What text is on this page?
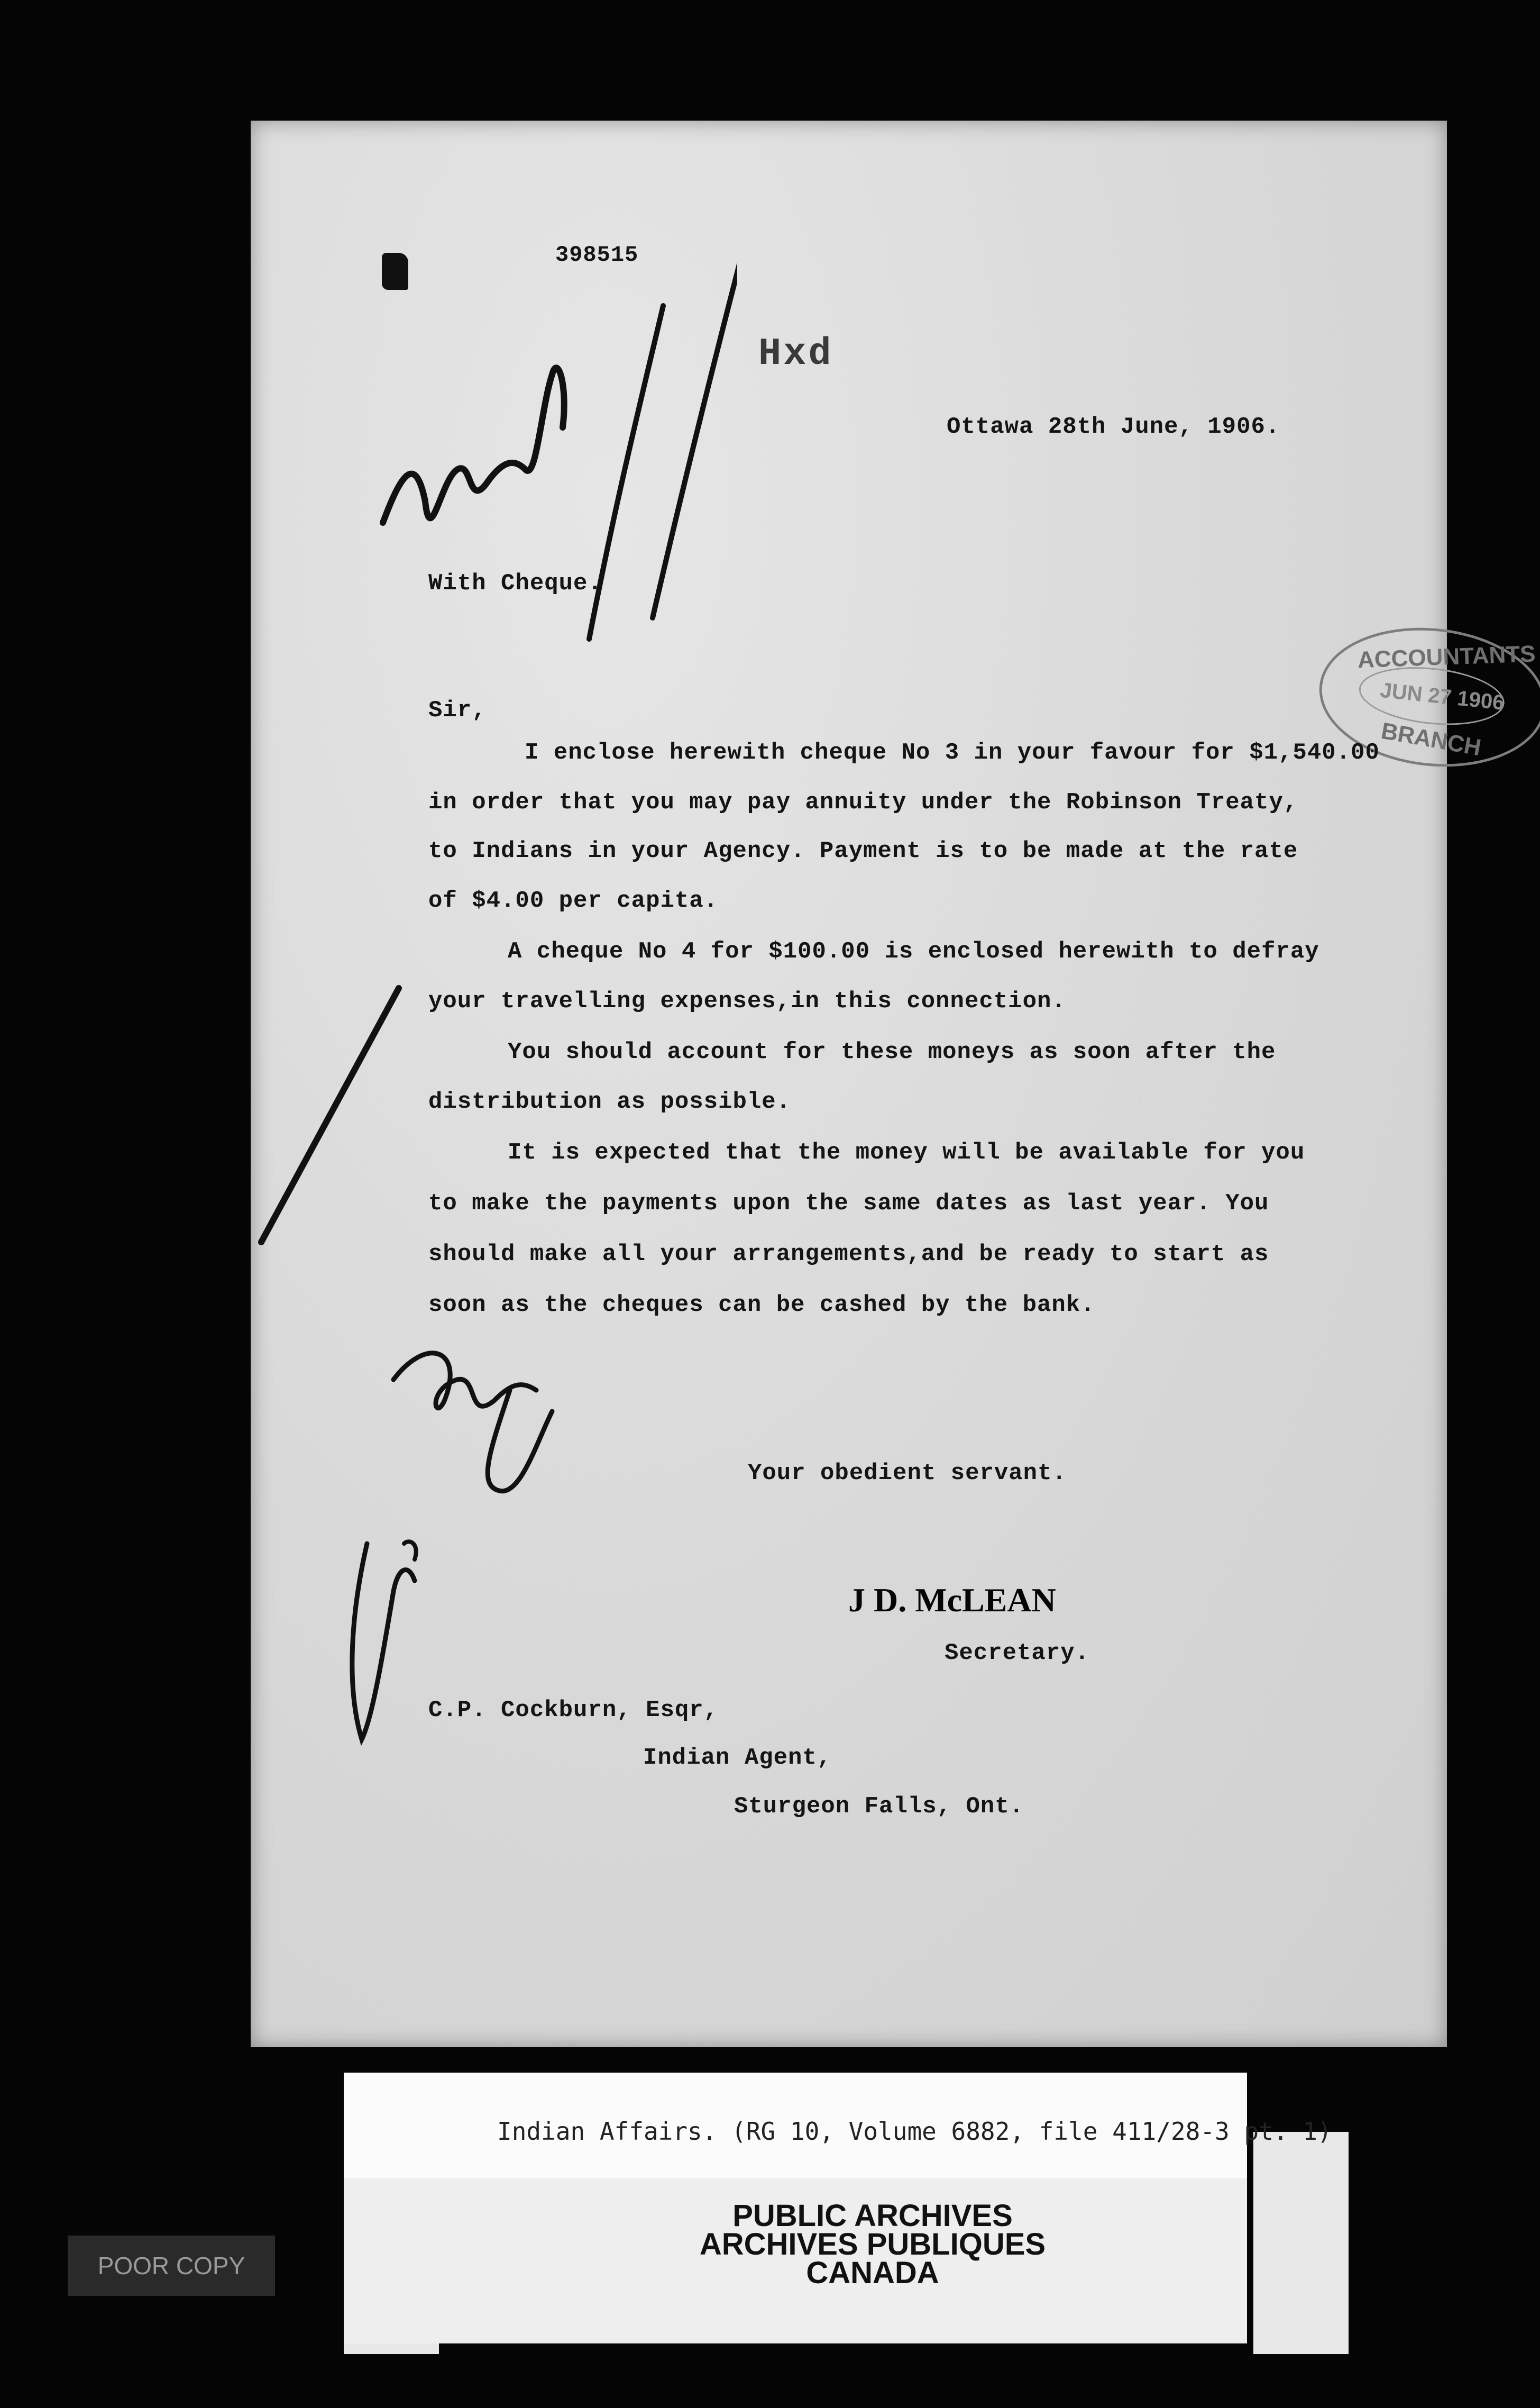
398515
Hxd
Ottawa 28th June, 1906.
ACCOUNTANTS
JUN 27 1906
BRANCH
With Cheque.
Sir,
I enclose herewith cheque No 3 in your favour for $1,540.00
in order that you may pay annuity under the Robinson Treaty,
to Indians in your Agency. Payment is to be made at the rate
of $4.00 per capita.
A cheque No 4 for $100.00 is enclosed herewith to defray
your travelling expenses,in this connection.
You should account for these moneys as soon after the
distribution as possible.
It is expected that the money will be available for you
to make the payments upon the same dates as last year. You
should make all your arrangements,and be ready to start as
soon as the cheques can be cashed by the bank.
Your obedient servant.
J D. McLEAN
Secretary.
C.P. Cockburn, Esqr,
Indian Agent,
Sturgeon Falls, Ont.
Indian Affairs. (RG 10, Volume 6882, file 411/28-3 pt. 1)
PUBLIC ARCHIVES
ARCHIVES PUBLIQUES
CANADA
POOR COPY
